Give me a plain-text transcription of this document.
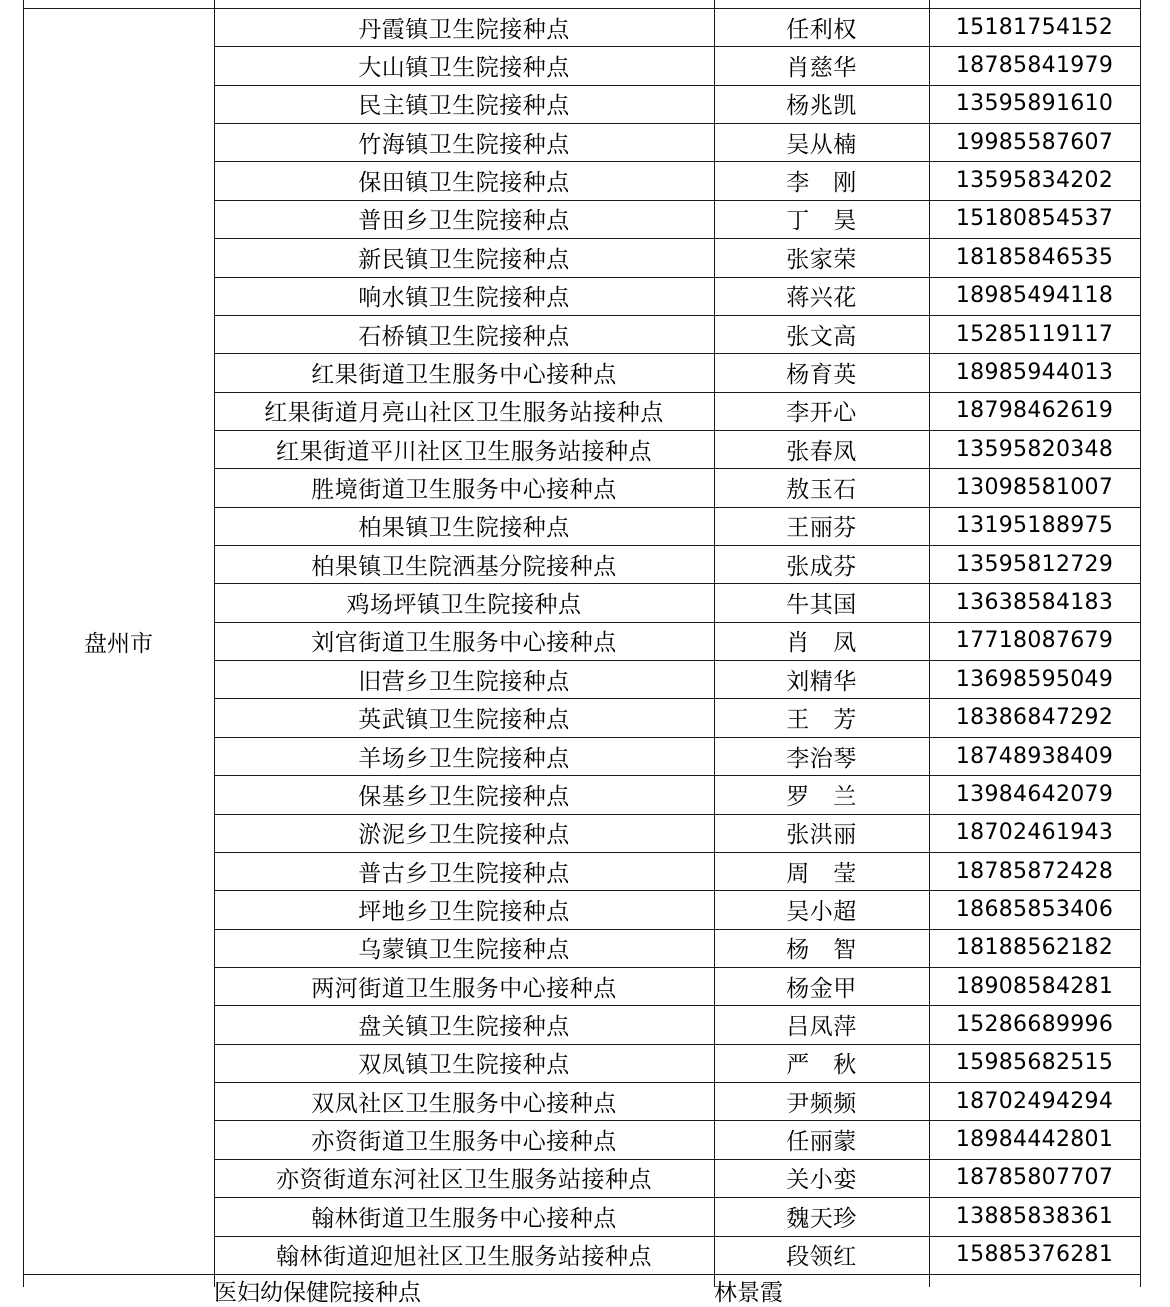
盘州市
丹霞镇卫生院接种点	任利权	15181754152
大山镇卫生院接种点	肖慈华	18785841979
民主镇卫生院接种点	杨兆凯	13595891610
竹海镇卫生院接种点	吴从楠	19985587607
保田镇卫生院接种点	李　刚	13595834202
普田乡卫生院接种点	丁　昊	15180854537
新民镇卫生院接种点	张家荣	18185846535
响水镇卫生院接种点	蒋兴花	18985494118
石桥镇卫生院接种点	张文高	15285119117
红果街道卫生服务中心接种点	杨育英	18985944013
红果街道月亮山社区卫生服务站接种点	李开心	18798462619
红果街道平川社区卫生服务站接种点	张春凤	13595820348
胜境街道卫生服务中心接种点	敖玉石	13098581007
柏果镇卫生院接种点	王丽芬	13195188975
柏果镇卫生院洒基分院接种点	张成芬	13595812729
鸡场坪镇卫生院接种点	牛其国	13638584183
刘官街道卫生服务中心接种点	肖　凤	17718087679
旧营乡卫生院接种点	刘精华	13698595049
英武镇卫生院接种点	王　芳	18386847292
羊场乡卫生院接种点	李治琴	18748938409
保基乡卫生院接种点	罗　兰	13984642079
淤泥乡卫生院接种点	张洪丽	18702461943
普古乡卫生院接种点	周　莹	18785872428
坪地乡卫生院接种点	吴小超	18685853406
乌蒙镇卫生院接种点	杨　智	18188562182
两河街道卫生服务中心接种点	杨金甲	18908584281
盘关镇卫生院接种点	吕凤萍	15286689996
双凤镇卫生院接种点	严　秋	15985682515
双凤社区卫生服务中心接种点	尹频频	18702494294
亦资街道卫生服务中心接种点	任丽蒙	18984442801
亦资街道东河社区卫生服务站接种点	关小娈	18785807707
翰林街道卫生服务中心接种点	魏天珍	13885838361
翰林街道迎旭社区卫生服务站接种点	段领红	15885376281
医妇幼保健院接种点	林景霞
